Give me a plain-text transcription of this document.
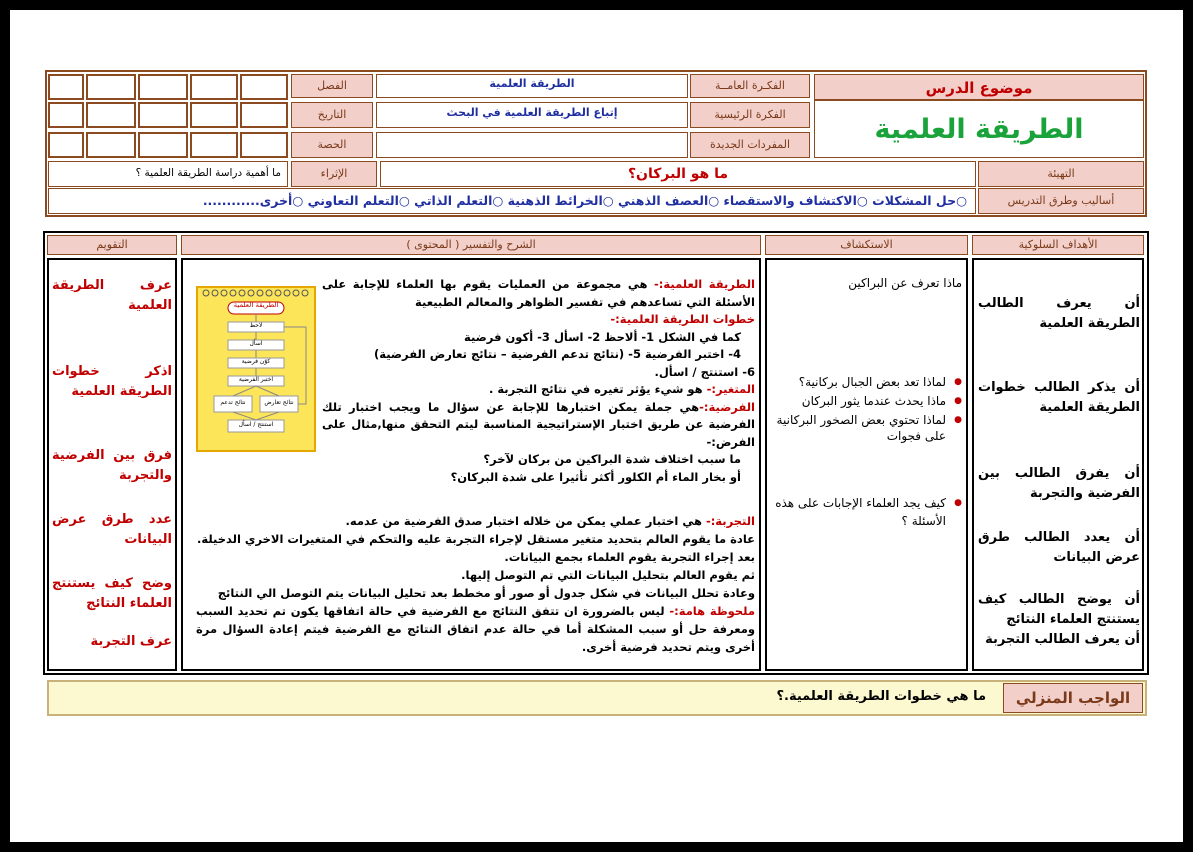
موضوع الدرس
الطريقة العلمية
الفكـرة العامــة
الفكرة الرئيسية
المفردات الجديدة
الطريقة العلمية
إتباع الطريقة العلمية في البحث
الفصل
التاريخ
الحصة
التهيئة
ما هو البركان؟
الإثراء
ما أهمية دراسة الطريقة العلمية ؟
أساليب وطرق التدريس
○حل المشكلات ○الاكتشاف والاستقصاء ○العصف الذهني ○الخرائط الذهنية ○التعلم الذاتي ○التعلم التعاوني ○أخرى............
الأهداف السلوكية
الاستكشاف
الشرح والتفسير ( المحتوى )
التقويم
أن يعرف الطالب الطريقة العلمية
أن يذكر الطالب خطوات الطريقة العلمية
أن يفرق الطالب بين الفرضية والتجربة
أن يعدد الطالب طرق عرض البيانات
أن يوضح الطالب كيف يستنتج العلماء النتائج
أن يعرف الطالب التجربة
ماذا تعرف عن البراكين
● لماذا تعد بعض الجبال بركانية؟
● ماذا يحدث عندما يثور البركان
● لماذا تحتوي بعض الصخور البركانية على فجوات
● كيف يجد العلماء الإجابات على هذه الأسئلة ؟
الطريقة العلمية
لاحظ
اسأل
كوّن فرضية
اختبر الفرضية
نتائج تدعم	نتائج تعارض
استنتج / اسأل
الطريقة العلمية:- هي مجموعة من العمليات يقوم بها العلماء للإجابة على الأسئلة التي تساعدهم في تفسير الظواهر والمعالم الطبيعية
خطوات الطريقة العلمية:-
كما في الشكل 1- ألاحظ 2- اسأل 3- أكون فرضية
4- اختبر الفرضية 5- (نتائج تدعم الفرضية – نتائج تعارض الفرضية)
6- استنتج / اسأل.
المتغير:- هو شيء يؤثر تغيره في نتائج التجربة .
الفرضية:-هي جملة يمكن اختبارها للإجابة عن سؤال ما ويجب اختبار تلك الفرضية عن طريق اختبار الإستراتيجية المناسبة ليتم التحقق منها,مثال على الفرض:-
ما سبب اختلاف شدة البراكين من بركان لآخر؟
أو بخار الماء أم الكلور أكثر تأثيرا على شدة البركان؟
التجربة:- هي اختبار عملي يمكن من خلاله اختبار صدق الفرضية من عدمه.
عادة ما يقوم العالم بتحديد متغير مستقل لإجراء التجربة عليه والتحكم في المتغيرات الاخري الدخيلة.
بعد إجراء التجربة يقوم العلماء بجمع البيانات.
ثم يقوم العالم بتحليل البيانات التي تم التوصل إليها.
وعادة تحلل البيانات في شكل جدول أو صور أو مخطط بعد تحليل البيانات يتم التوصل الي النتائج
ملحوظة هامة:- ليس بالضرورة ان تتفق النتائج مع الفرضية في حالة اتفاقها يكون تم تحديد السبب ومعرفة حل أو سبب المشكلة أما في حالة عدم اتفاق النتائج مع الفرضية فيتم إعادة السؤال مرة أخرى ويتم تحديد فرضية أخرى.
عرف الطريقة العلمية
اذكر خطوات الطريقة العلمية
فرق بين الفرضية والتجربة
عدد طرق عرض البيانات
وضح كيف يستنتج العلماء النتائج
عرف التجربة
الواجب المنزلي
ما هي خطوات الطريقة العلمية.؟
